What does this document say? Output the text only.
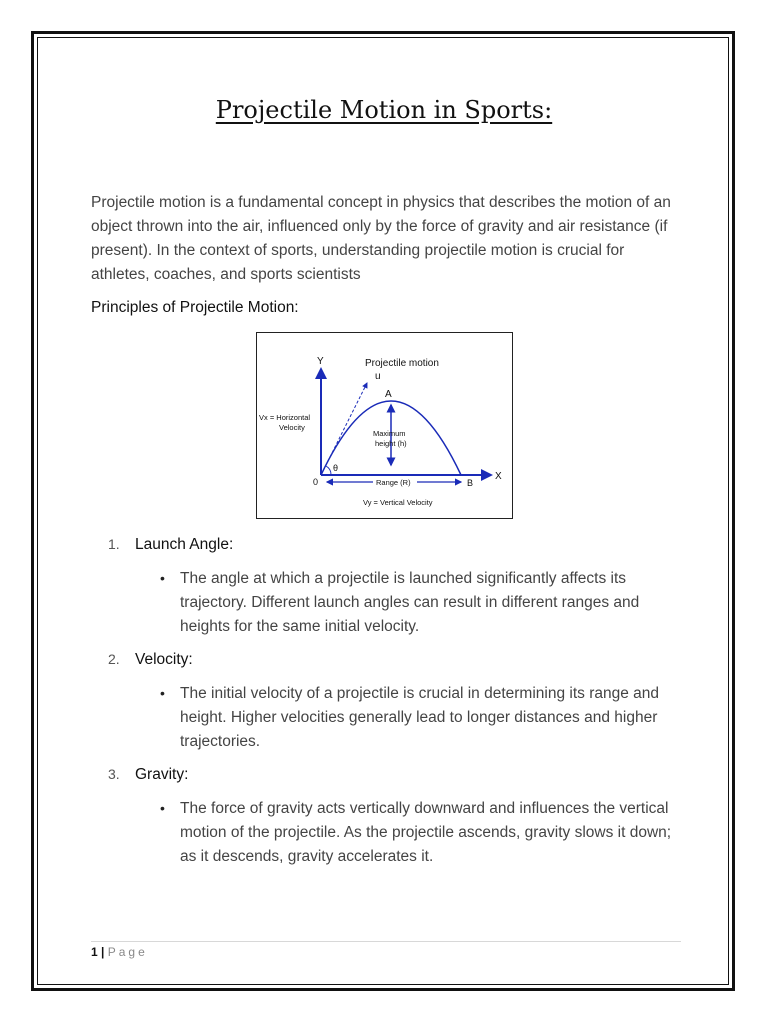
Projectile Motion in Sports:

Projectile motion is a fundamental concept in physics that describes the motion of an object thrown into the air, influenced only by the force of gravity and air resistance (if present). In the context of sports, understanding projectile motion is crucial for athletes, coaches, and sports scientists

Principles of Projectile Motion:

Projectile motion
u
A
Y
X
0	B
θ
Vx = Horizontal
Velocity
Maximum
height (h)
Range (R)
Vy = Vertical Velocity
1. Launch Angle:
• The angle at which a projectile is launched significantly affects its trajectory. Different launch angles can result in different ranges and heights for the same initial velocity.

2. Velocity:
• The initial velocity of a projectile is crucial in determining its range and height. Higher velocities generally lead to longer distances and higher trajectories.

3. Gravity:
• The force of gravity acts vertically downward and influences the vertical motion of the projectile. As the projectile ascends, gravity slows it down; as it descends, gravity accelerates it.

1 | Page
